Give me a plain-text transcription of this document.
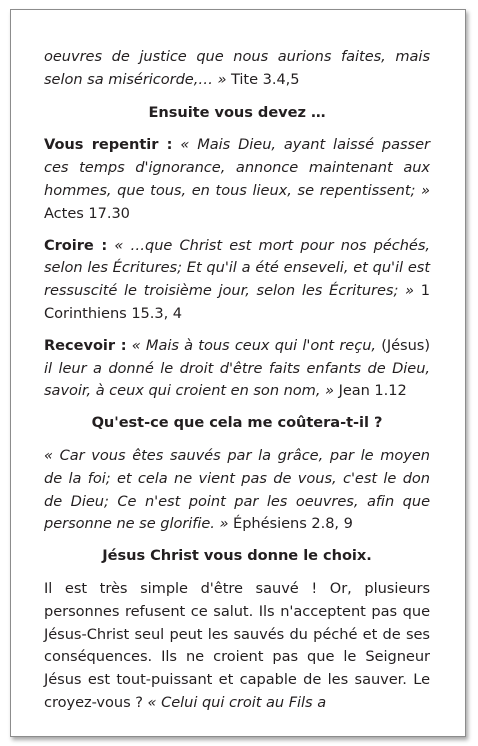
oeuvres de justice que nous aurions faites, mais selon sa miséricorde,… » Tite 3.4,5

Ensuite vous devez …

Vous repentir : « Mais Dieu, ayant laissé passer ces temps d'ignorance, annonce maintenant aux hommes, que tous, en tous lieux, se repentissent; » Actes 17.30

Croire : « …que Christ est mort pour nos péchés, selon les Écritures; Et qu'il a été enseveli, et qu'il est ressuscité le troisième jour, selon les Écritures; » 1 Corinthiens 15.3, 4

Recevoir : « Mais à tous ceux qui l'ont reçu, (Jésus) il leur a donné le droit d'être faits enfants de Dieu, savoir, à ceux qui croient en son nom, » Jean 1.12

Qu'est-ce que cela me coûtera-t-il ?

« Car vous êtes sauvés par la grâce, par le moyen de la foi; et cela ne vient pas de vous, c'est le don de Dieu; Ce n'est point par les oeuvres, afin que personne ne se glorifie. » Éphésiens 2.8, 9

Jésus Christ vous donne le choix.

Il est très simple d'être sauvé ! Or, plusieurs personnes refusent ce salut. Ils n'acceptent pas que Jésus-Christ seul peut les sauvés du péché et de ses conséquences. Ils ne croient pas que le Seigneur Jésus est tout-puissant et capable de les sauver. Le croyez-vous ? « Celui qui croit au Fils a
